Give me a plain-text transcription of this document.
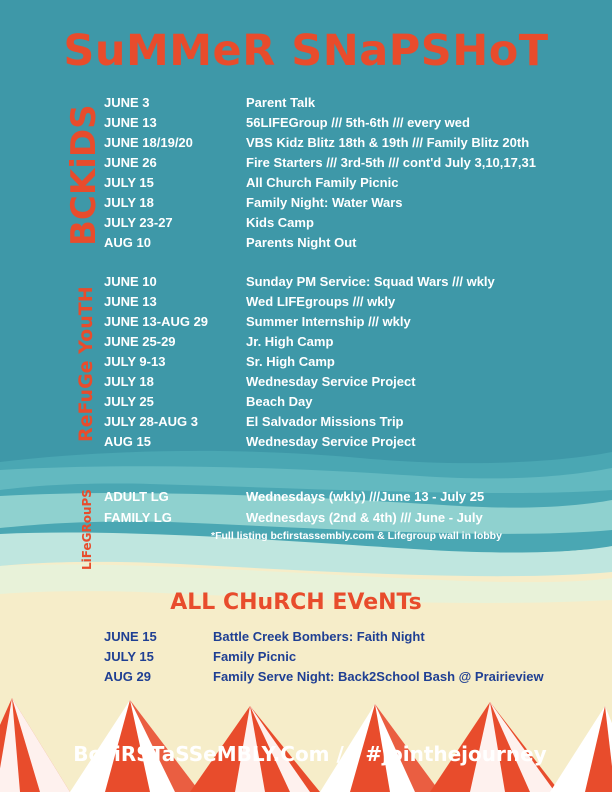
SuMMeR SNaPSHoT
BCKiDS
ReFuGe YouTH
LiFeGRouPS
JUNE 3	Parent Talk
JUNE 13	56LIFEGroup /// 5th-6th /// every wed
JUNE 18/19/20	VBS Kidz Blitz 18th & 19th /// Family Blitz 20th
JUNE 26	Fire Starters /// 3rd-5th /// cont'd July 3,10,17,31
JULY 15	All Church Family Picnic
JULY 18	Family Night: Water Wars
JULY 23-27	Kids Camp
AUG 10	Parents Night Out
JUNE 10	Sunday PM Service: Squad Wars /// wkly
JUNE 13	Wed LIFEgroups /// wkly
JUNE 13-AUG 29	Summer Internship /// wkly
JUNE 25-29	Jr. High Camp
JULY 9-13	Sr. High Camp
JULY 18	Wednesday Service Project
JULY 25	Beach Day
JULY 28-AUG 3	El Salvador Missions Trip
AUG 15	Wednesday Service Project
ADULT LG	Wednesdays (wkly) ///June 13 - July 25
FAMILY LG	Wednesdays (2nd & 4th) /// June - July
*Full listing bcfirstassembly.com & Lifegroup wall in lobby
ALL CHuRCH EVeNTs
JUNE 15	Battle Creek Bombers: Faith Night
JULY 15	Family Picnic
AUG 29	Family Serve Night: Back2School Bash @ Prairieview
BcFiRSTaSSeMBLY.Com /// #jointhejourney
